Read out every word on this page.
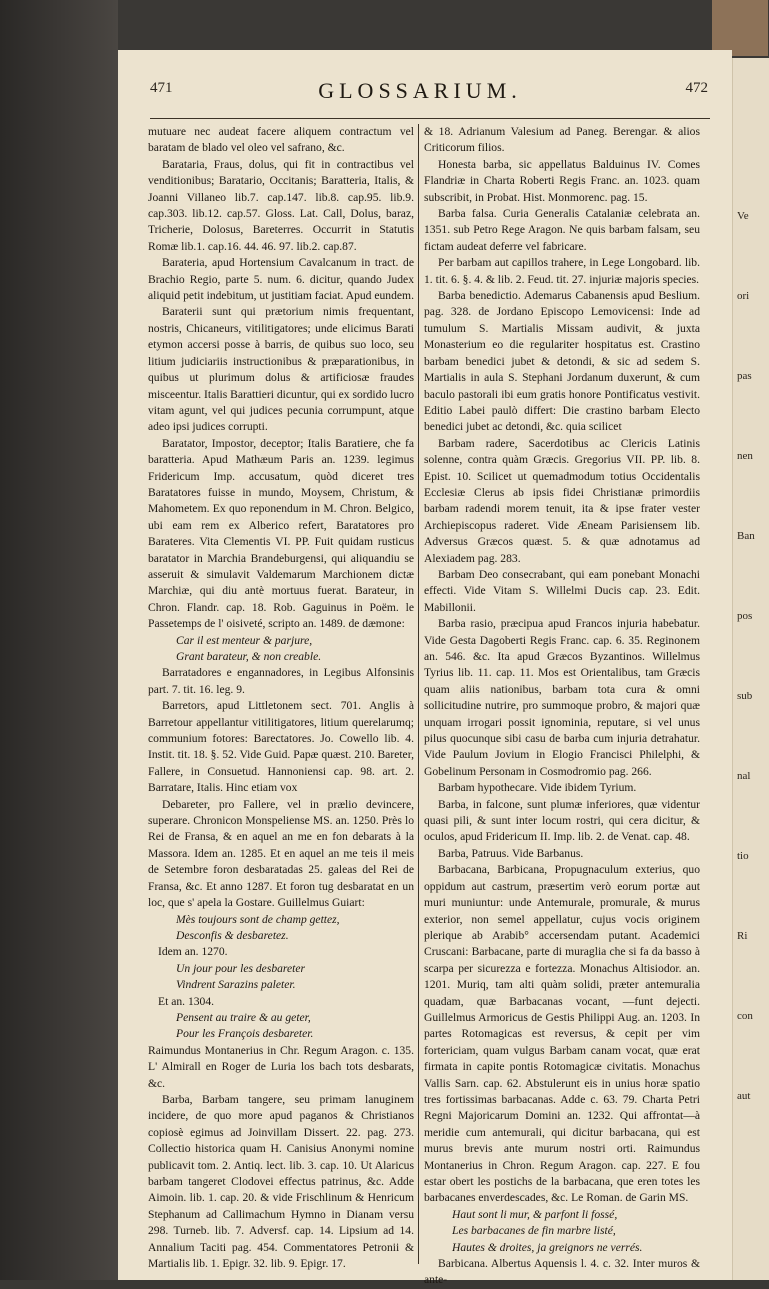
471	GLOSSARIUM.	472

mutuare nec audeat facere aliquem contractum vel baratam de blado vel oleo vel safrano, &c.

Barataria, Fraus, dolus, qui fit in contractibus vel venditionibus; Baratario, Occitanis; Baratteria, Italis, & Joanni Villaneo lib.7. cap.147. lib.8. cap.95. lib.9. cap.303. lib.12. cap.57. Gloss. Lat. Call, Dolus, baraz, Tricherie, Dolosus, Bareterres. Occurrit in Statutis Romæ lib.1. cap.16. 44. 46. 97. lib.2. cap.87.

Barateria, apud Hortensium Cavalcanum in tract. de Brachio Regio, parte 5. num. 6. dicitur, quando Judex aliquid petit indebitum, ut justitiam faciat. Apud eundem.

Baraterii sunt qui prætorium nimis frequentant, nostris, Chicaneurs, vitilitigatores; unde elicimus Barati etymon accersi posse à barris, de quibus suo loco, seu litium judiciariis instructionibus & præparationibus, in quibus ut plurimum dolus & artificiosæ fraudes misceentur. Italis Barattieri dicuntur, qui ex sordido lucro vitam agunt, vel qui judices pecunia corrumpunt, atque adeo ipsi judices corrupti.

Baratator, Impostor, deceptor; Italis Baratiere, che fa baratteria. Apud Mathæum Paris an. 1239. legimus Fridericum Imp. accusatum, quòd diceret tres Baratatores fuisse in mundo, Moysem, Christum, & Mahometem. Ex quo reponendum in M. Chron. Belgico, ubi eam rem ex Alberico refert, Baratatores pro Barateres. Vita Clementis VI. PP. Fuit quidam rusticus baratator in Marchia Brandeburgensi, qui aliquandiu se asseruit & simulavit Valdemarum Marchionem dictæ Marchiæ, qui diu antè mortuus fuerat. Barateur, in Chron. Flandr. cap. 18. Rob. Gaguinus in Poëm. le Passetemps de l' oisiveté, scripto an. 1489. de dæmone:

Car il est menteur & parjure,

Grant barateur, & non creable.

Barratadores e engannadores, in Legibus Alfonsinis part. 7. tit. 16. leg. 9.

Barretors, apud Littletonem sect. 701. Anglis à Barretour appellantur vitilitigatores, litium querelarumq; communium fotores: Barectatores. Jo. Cowello lib. 4. Instit. tit. 18. §. 52. Vide Guid. Papæ quæst. 210. Bareter, Fallere, in Consuetud. Hannoniensi cap. 98. art. 2. Barratare, Italis. Hinc etiam vox

Debareter, pro Fallere, vel in prælio devincere, superare. Chronicon Monspeliense MS. an. 1250. Près lo Rei de Fransa, & en aquel an me en fon debarats à la Massora. Idem an. 1285. Et en aquel an me teis il meis de Setembre foron desbaratadas 25. galeas del Rei de Fransa, &c. Et anno 1287. Et foron tug desbaratat en un loc, que s' apela la Gostare. Guillelmus Guiart:

Mès toujours sont de champ gettez,

Desconfis & desbaretez.

Idem an. 1270.

Un jour pour les desbareter

Vindrent Sarazins paleter.

Et an. 1304.

Pensent au traire & au geter,

Pour les François desbareter.

Raimundus Montanerius in Chr. Regum Aragon. c. 135. L' Almirall en Roger de Luria los bach tots desbarats, &c.

Barba, Barbam tangere, seu primam lanuginem incidere, de quo more apud paganos & Christianos copiosè egimus ad Joinvillam Dissert. 22. pag. 273. Collectio historica quam H. Canisius Anonymi nomine publicavit tom. 2. Antiq. lect. lib. 3. cap. 10. Ut Alaricus barbam tangeret Clodovei effectus patrinus, &c. Adde Aimoin. lib. 1. cap. 20. & vide Frischlinum & Henricum Stephanum ad Callimachum Hymno in Dianam versu 298. Turneb. lib. 7. Adversf. cap. 14. Lipsium ad 14. Annalium Taciti pag. 454. Commentatores Petronii & Martialis lib. 1. Epigr. 32. lib. 9. Epigr. 17.

& 18. Adrianum Valesium ad Paneg. Berengar. & alios Criticorum filios.

Honesta barba, sic appellatus Balduinus IV. Comes Flandriæ in Charta Roberti Regis Franc. an. 1023. quam subscribit, in Probat. Hist. Monmorenc. pag. 15.

Barba falsa. Curia Generalis Catalaniæ celebrata an. 1351. sub Petro Rege Aragon. Ne quis barbam falsam, seu fictam audeat deferre vel fabricare.

Per barbam aut capillos trahere, in Lege Longobard. lib. 1. tit. 6. §. 4. & lib. 2. Feud. tit. 27. injuriæ majoris species.

Barba benedictio. Ademarus Cabanensis apud Beslium. pag. 328. de Jordano Episcopo Lemovicensi: Inde ad tumulum S. Martialis Missam audivit, & juxta Monasterium eo die regulariter hospitatus est. Crastino barbam benedici jubet & detondi, & sic ad sedem S. Martialis in aula S. Stephani Jordanum duxerunt, & cum baculo pastorali ibi eum gratis honore Pontificatus vestivit. Editio Labei paulò differt: Die crastino barbam Electo benedici jubet ac detondi, &c. quia scilicet

Barbam radere, Sacerdotibus ac Clericis Latinis solenne, contra quàm Græcis. Gregorius VII. PP. lib. 8. Epist. 10. Scilicet ut quemadmodum totius Occidentalis Ecclesiæ Clerus ab ipsis fidei Christianæ primordiis barbam radendi morem tenuit, ita & ipse frater vester Archiepiscopus raderet. Vide Æneam Parisiensem lib. Adversus Græcos quæst. 5. & quæ adnotamus ad Alexiadem pag. 283.

Barbam Deo consecrabant, qui eam ponebant Monachi effecti. Vide Vitam S. Willelmi Ducis cap. 23. Edit. Mabillonii.

Barba rasio, præcipua apud Francos injuria habebatur. Vide Gesta Dagoberti Regis Franc. cap. 6. 35. Reginonem an. 546. &c. Ita apud Græcos Byzantinos. Willelmus Tyrius lib. 11. cap. 11. Mos est Orientalibus, tam Græcis quam aliis nationibus, barbam tota cura & omni sollicitudine nutrire, pro summoque probro, & majori quæ unquam irrogari possit ignominia, reputare, si vel unus pilus quocunque sibi casu de barba cum injuria detrahatur. Vide Paulum Jovium in Elogio Francisci Philelphi, & Gobelinum Personam in Cosmodromio pag. 266.

Barbam hypothecare. Vide ibidem Tyrium.

Barba, in falcone, sunt plumæ inferiores, quæ videntur quasi pili, & sunt inter locum rostri, qui cera dicitur, & oculos, apud Fridericum II. Imp. lib. 2. de Venat. cap. 48.

Barba, Patruus. Vide Barbanus.

Barbacana, Barbicana, Propugnaculum exterius, quo oppidum aut castrum, præsertim verò eorum portæ aut muri muniuntur: unde Antemurale, promurale, & murus exterior, non semel appellatur, cujus vocis originem plerique ab Arabib° accersendam putant. Academici Cruscani: Barbacane, parte di muraglia che si fa da basso à scarpa per sicurezza e fortezza. Monachus Altisiodor. an. 1201. Muriq, tam alti quàm solidi, præter antemuralia quadam, quæ Barbacanas vocant, —funt dejecti. Guillelmus Armoricus de Gestis Philippi Aug. an. 1203. In partes Rotomagicas est reversus, & cepit per vim fortericiam, quam vulgus Barbam canam vocat, quæ erat firmata in capite pontis Rotomagicæ civitatis. Monachus Vallis Sarn. cap. 62. Abstulerunt eis in unius horæ spatio tres fortissimas barbacanas. Adde c. 63. 79. Charta Petri Regni Majoricarum Domini an. 1232. Qui affrontat—à meridie cum antemurali, qui dicitur barbacana, qui est murus brevis ante murum nostri orti. Raimundus Montanerius in Chron. Regum Aragon. cap. 227. E fou estar obert les postichs de la barbacana, que eren totes les barbacanes enverdescades, &c. Le Roman. de Garin MS.

Haut sont li mur, & parfont li fossé,

Les barbacanes de fin marbre listé,

Hautes & droites, ja greignors ne verrés.

Barbicana. Albertus Aquensis l. 4. c. 32. Inter muros & ante-

Ve
ori
pas
nen
Ban
pos
sub
nal
tio
Ri
con
aut
